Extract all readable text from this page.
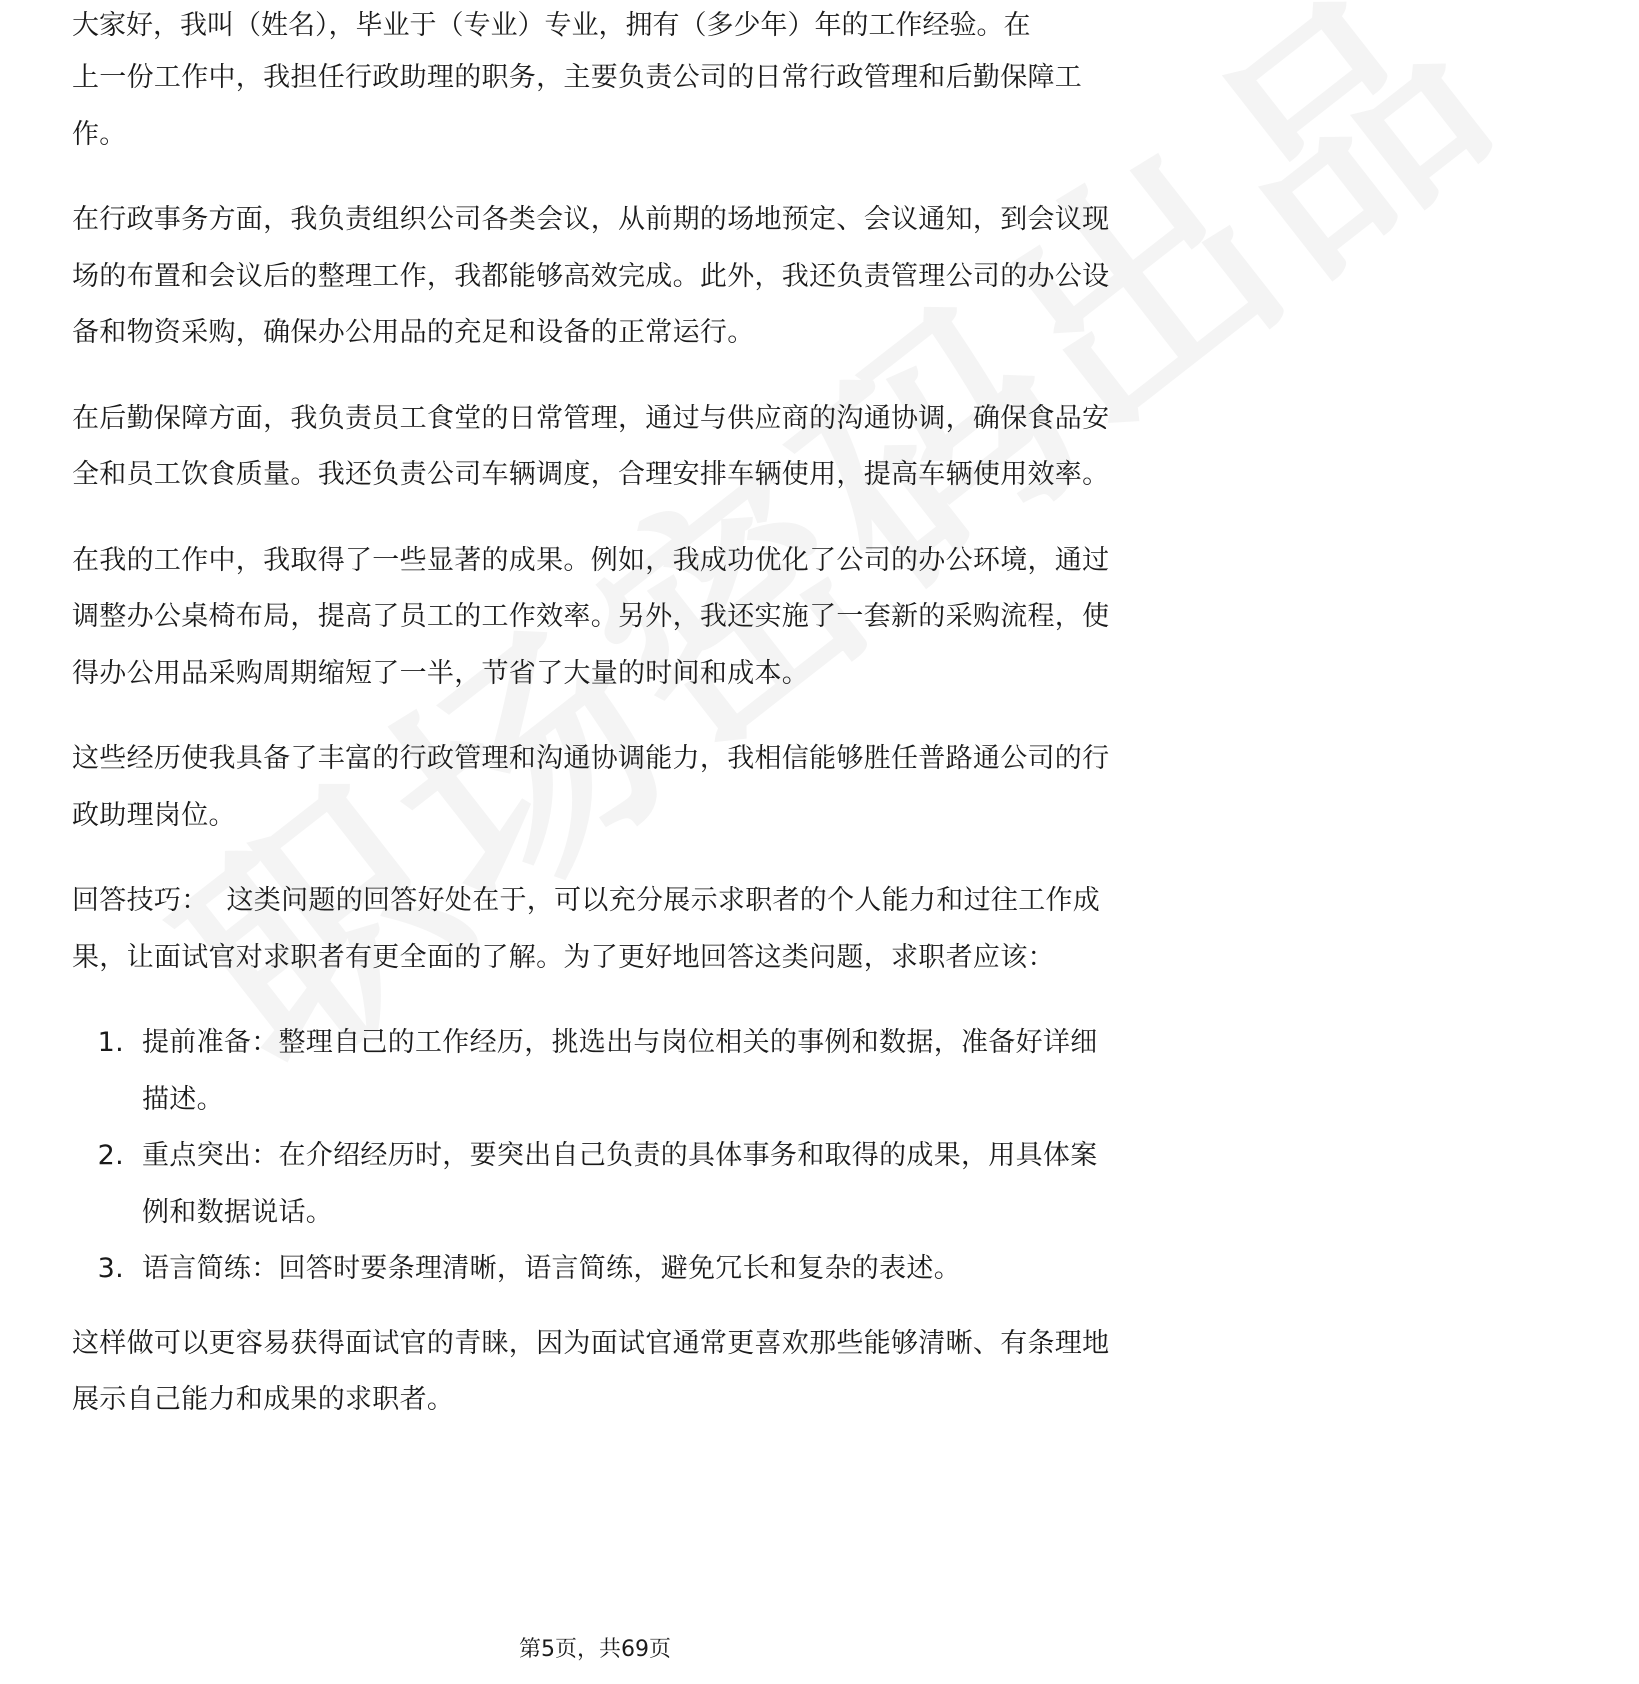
大家好，我叫（姓名），毕业于（专业）专业，拥有（多少年）年的工作经验。在

上一份工作中，我担任行政助理的职务，主要负责公司的日常行政管理和后勤保障工作。

在行政事务方面，我负责组织公司各类会议，从前期的场地预定、会议通知，到会议现场的布置和会议后的整理工作，我都能够高效完成。此外，我还负责管理公司的办公设备和物资采购，确保办公用品的充足和设备的正常运行。

在后勤保障方面，我负责员工食堂的日常管理，通过与供应商的沟通协调，确保食品安全和员工饮食质量。我还负责公司车辆调度，合理安排车辆使用，提高车辆使用效率。

在我的工作中，我取得了一些显著的成果。例如，我成功优化了公司的办公环境，通过调整办公桌椅布局，提高了员工的工作效率。另外，我还实施了一套新的采购流程，使得办公用品采购周期缩短了一半，节省了大量的时间和成本。

这些经历使我具备了丰富的行政管理和沟通协调能力，我相信能够胜任普路通公司的行政助理岗位。

回答技巧： 这类问题的回答好处在于，可以充分展示求职者的个人能力和过往工作成果，让面试官对求职者有更全面的了解。为了更好地回答这类问题，求职者应该：

1. 提前准备：整理自己的工作经历，挑选出与岗位相关的事例和数据，准备好详细描述。
2. 重点突出：在介绍经历时，要突出自己负责的具体事务和取得的成果，用具体案例和数据说话。
3. 语言简练：回答时要条理清晰，语言简练，避免冗长和复杂的表述。

这样做可以更容易获得面试官的青睐，因为面试官通常更喜欢那些能够清晰、有条理地展示自己能力和成果的求职者。

第5页，共69页
